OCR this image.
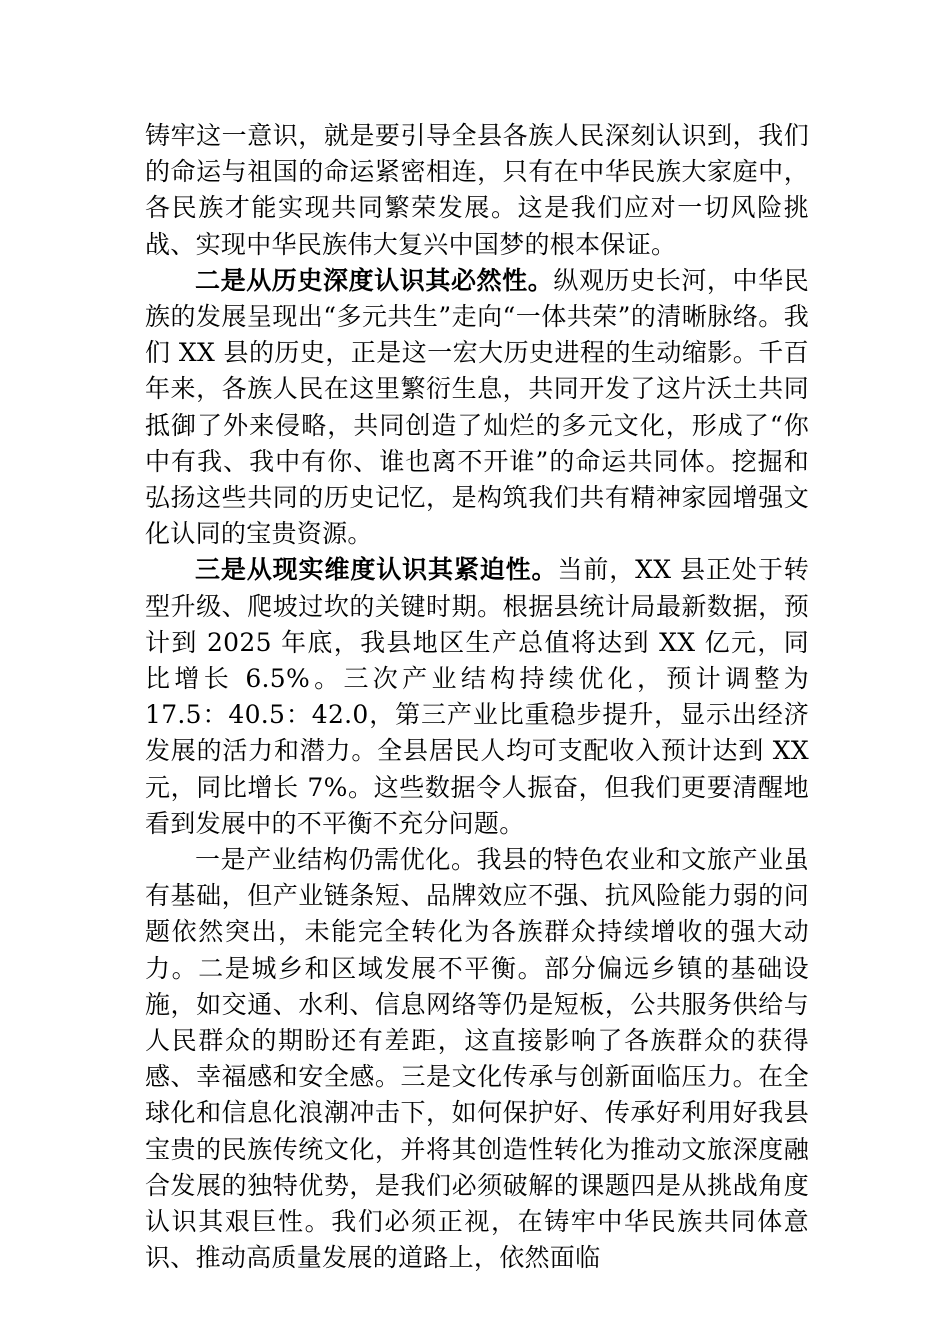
铸牢这一意识，就是要引导全县各族人民深刻认识到，我们的命运与祖国的命运紧密相连，只有在中华民族大家庭中，各民族才能实现共同繁荣发展。这是我们应对一切风险挑战、实现中华民族伟大复兴中国梦的根本保证。

二是从历史深度认识其必然性。纵观历史长河，中华民族的发展呈现出“多元共生”走向“一体共荣”的清晰脉络。我们 XX 县的历史，正是这一宏大历史进程的生动缩影。千百年来，各族人民在这里繁衍生息，共同开发了这片沃土共同抵御了外来侵略，共同创造了灿烂的多元文化，形成了“你中有我、我中有你、谁也离不开谁”的命运共同体。挖掘和弘扬这些共同的历史记忆，是构筑我们共有精神家园增强文化认同的宝贵资源。

三是从现实维度认识其紧迫性。当前，XX 县正处于转型升级、爬坡过坎的关键时期。根据县统计局最新数据，预计到 2025 年底，我县地区生产总值将达到 XX 亿元，同比增长 6.5%。三次产业结构持续优化，预计调整为 17.5：40.5：42.0，第三产业比重稳步提升，显示出经济发展的活力和潜力。全县居民人均可支配收入预计达到 XX 元，同比增长 7%。这些数据令人振奋，但我们更要清醒地看到发展中的不平衡不充分问题。

一是产业结构仍需优化。我县的特色农业和文旅产业虽有基础，但产业链条短、品牌效应不强、抗风险能力弱的问题依然突出，未能完全转化为各族群众持续增收的强大动力。二是城乡和区域发展不平衡。部分偏远乡镇的基础设施，如交通、水利、信息网络等仍是短板，公共服务供给与人民群众的期盼还有差距，这直接影响了各族群众的获得感、幸福感和安全感。三是文化传承与创新面临压力。在全球化和信息化浪潮冲击下，如何保护好、传承好利用好我县宝贵的民族传统文化，并将其创造性转化为推动文旅深度融合发展的独特优势，是我们必须破解的课题四是从挑战角度认识其艰巨性。我们必须正视，在铸牢中华民族共同体意识、推动高质量发展的道路上，依然面临
